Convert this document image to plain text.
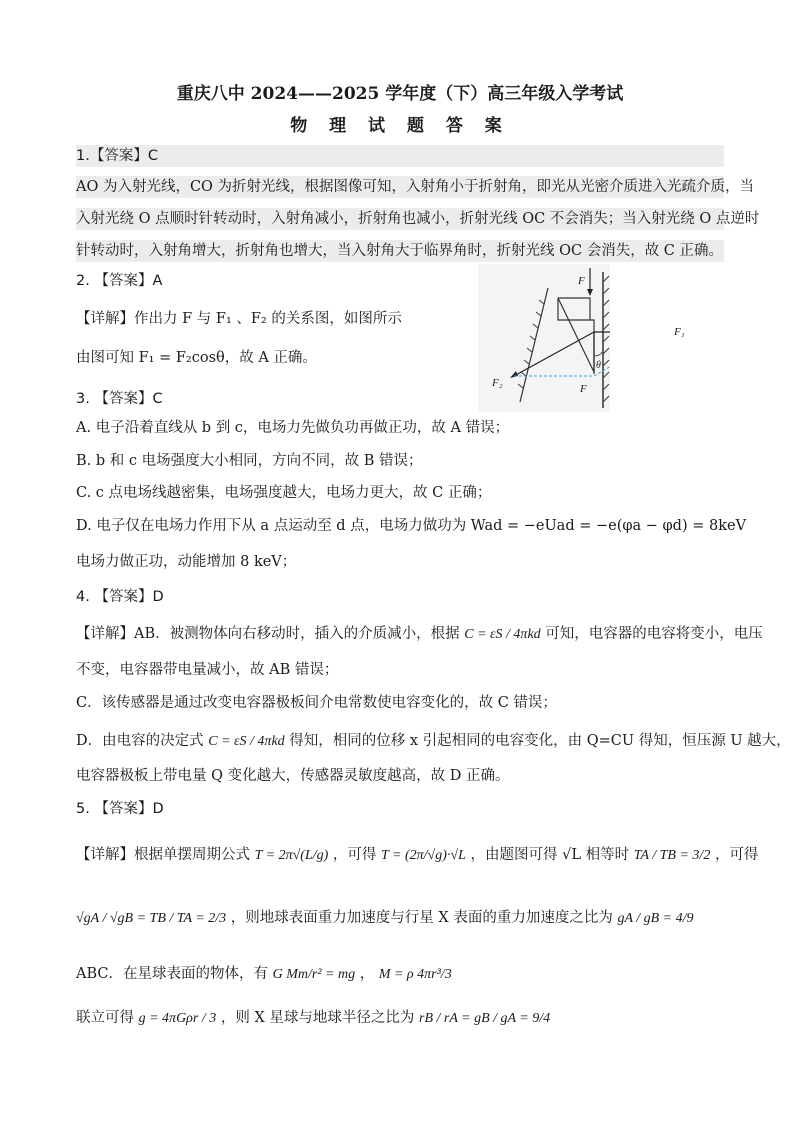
重庆八中 2024——2025 学年度（下）高三年级入学考试
物 理 试 题 答 案
1.【答案】C
AO 为入射光线，CO 为折射光线，根据图像可知，入射角小于折射角，即光从光密介质进入光疏介质，当
入射光绕 O 点顺时针转动时，入射角减小，折射角也减小，折射光线 OC 不会消失；当入射光绕 O 点逆时
针转动时，入射角增大，折射角也增大，当入射角大于临界角时，折射光线 OC 会消失，故 C 正确。
2. 【答案】A
【详解】作出力 F 与 F₁ 、F₂ 的关系图，如图所示
由图可知 F₁ = F₂cosθ，故 A 正确。
F
F₂	F
θ
F₁
3. 【答案】C
A. 电子沿着直线从 b 到 c，电场力先做负功再做正功，故 A 错误；
B. b 和 c 电场强度大小相同，方向不同，故 B 错误；
C. c 点电场线越密集，电场强度越大，电场力更大，故 C 正确；
D. 电子仅在电场力作用下从 a 点运动至 d 点，电场力做功为 Wad = −eUad = −e(φa − φd) = 8keV
电场力做正功，动能增加 8 keV；
4. 【答案】D
【详解】AB．被测物体向右移动时，插入的介质减小，根据 C = εS / 4πkd 可知，电容器的电容将变小，电压
不变，电容器带电量减小，故 AB 错误；
C．该传感器是通过改变电容器极板间介电常数使电容变化的，故 C 错误；
D．由电容的决定式 C = εS / 4πkd 得知，相同的位移 x 引起相同的电容变化，由 Q=CU 得知，恒压源 U 越大，
电容器极板上带电量 Q 变化越大，传感器灵敏度越高，故 D 正确。
5. 【答案】D
【详解】根据单摆周期公式 T = 2π√(L/g) ，可得 T = (2π/√g)·√L ，由题图可得 √L 相等时 TA / TB = 3/2 ，可得
√gA / √gB = TB / TA = 2/3 ，则地球表面重力加速度与行星 X 表面的重力加速度之比为 gA / gB = 4/9
ABC．在星球表面的物体，有 G Mm/r² = mg ， M = ρ 4πr³/3
联立可得 g = 4πGρr / 3 ，则 X 星球与地球半径之比为 rB / rA = gB / gA = 9/4
